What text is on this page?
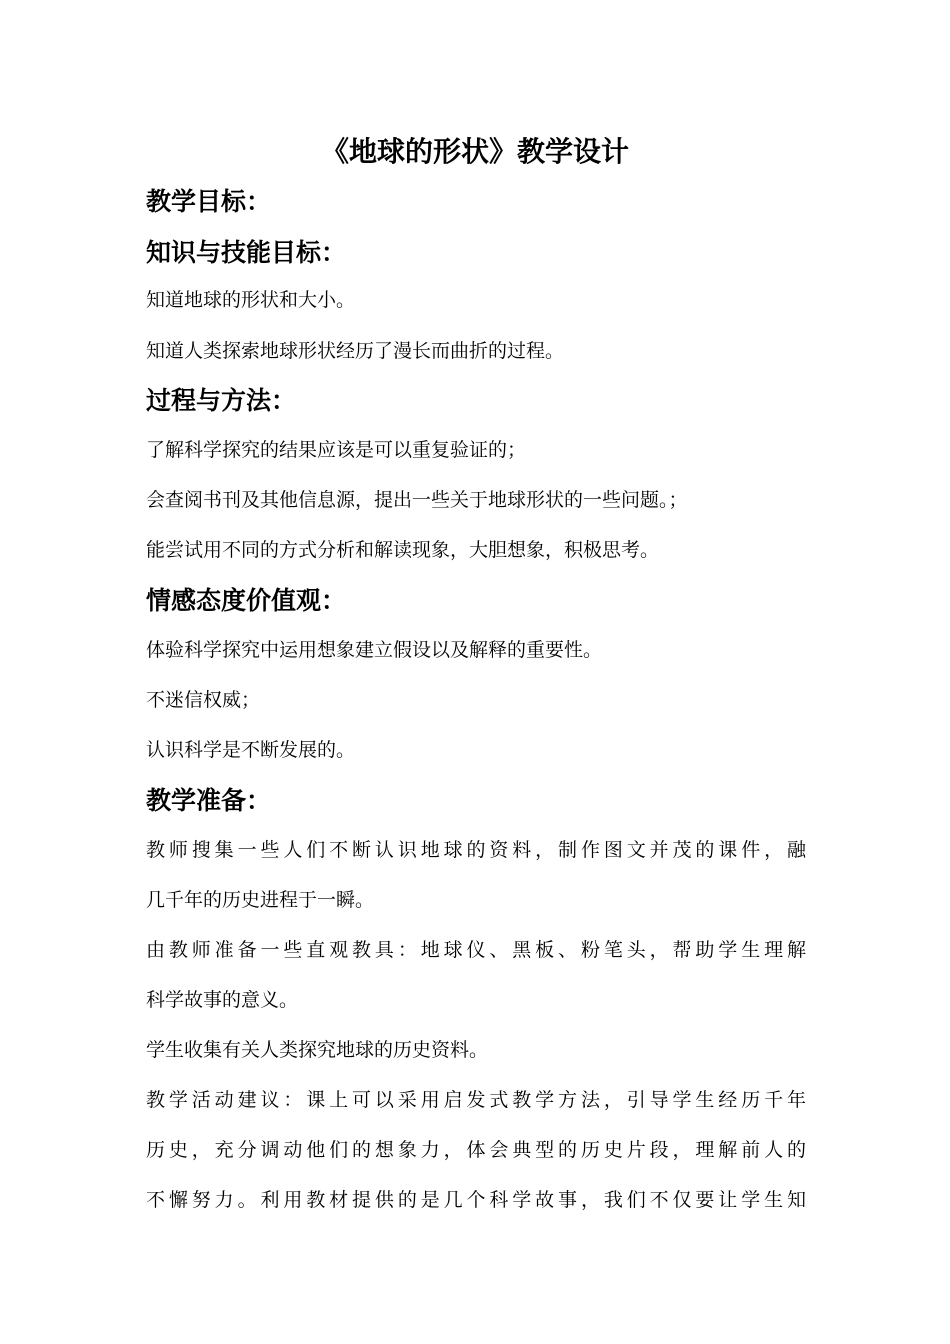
《地球的形状》教学设计
教学目标：
知识与技能目标：

知道地球的形状和大小。

知道人类探索地球形状经历了漫长而曲折的过程。

过程与方法：

了解科学探究的结果应该是可以重复验证的；

会查阅书刊及其他信息源，提出一些关于地球形状的一些问题。；

能尝试用不同的方式分析和解读现象，大胆想象，积极思考。

情感态度价值观：

体验科学探究中运用想象建立假设以及解释的重要性。

不迷信权威；

认识科学是不断发展的。

教学准备：

教师搜集一些人们不断认识地球的资料，制作图文并茂的课件，融

几千年的历史进程于一瞬。

由教师准备一些直观教具：地球仪、黑板、粉笔头，帮助学生理解

科学故事的意义。

学生收集有关人类探究地球的历史资料。

教学活动建议：课上可以采用启发式教学方法，引导学生经历千年

历史，充分调动他们的想象力，体会典型的历史片段，理解前人的

不懈努力。利用教材提供的是几个科学故事，我们不仅要让学生知
